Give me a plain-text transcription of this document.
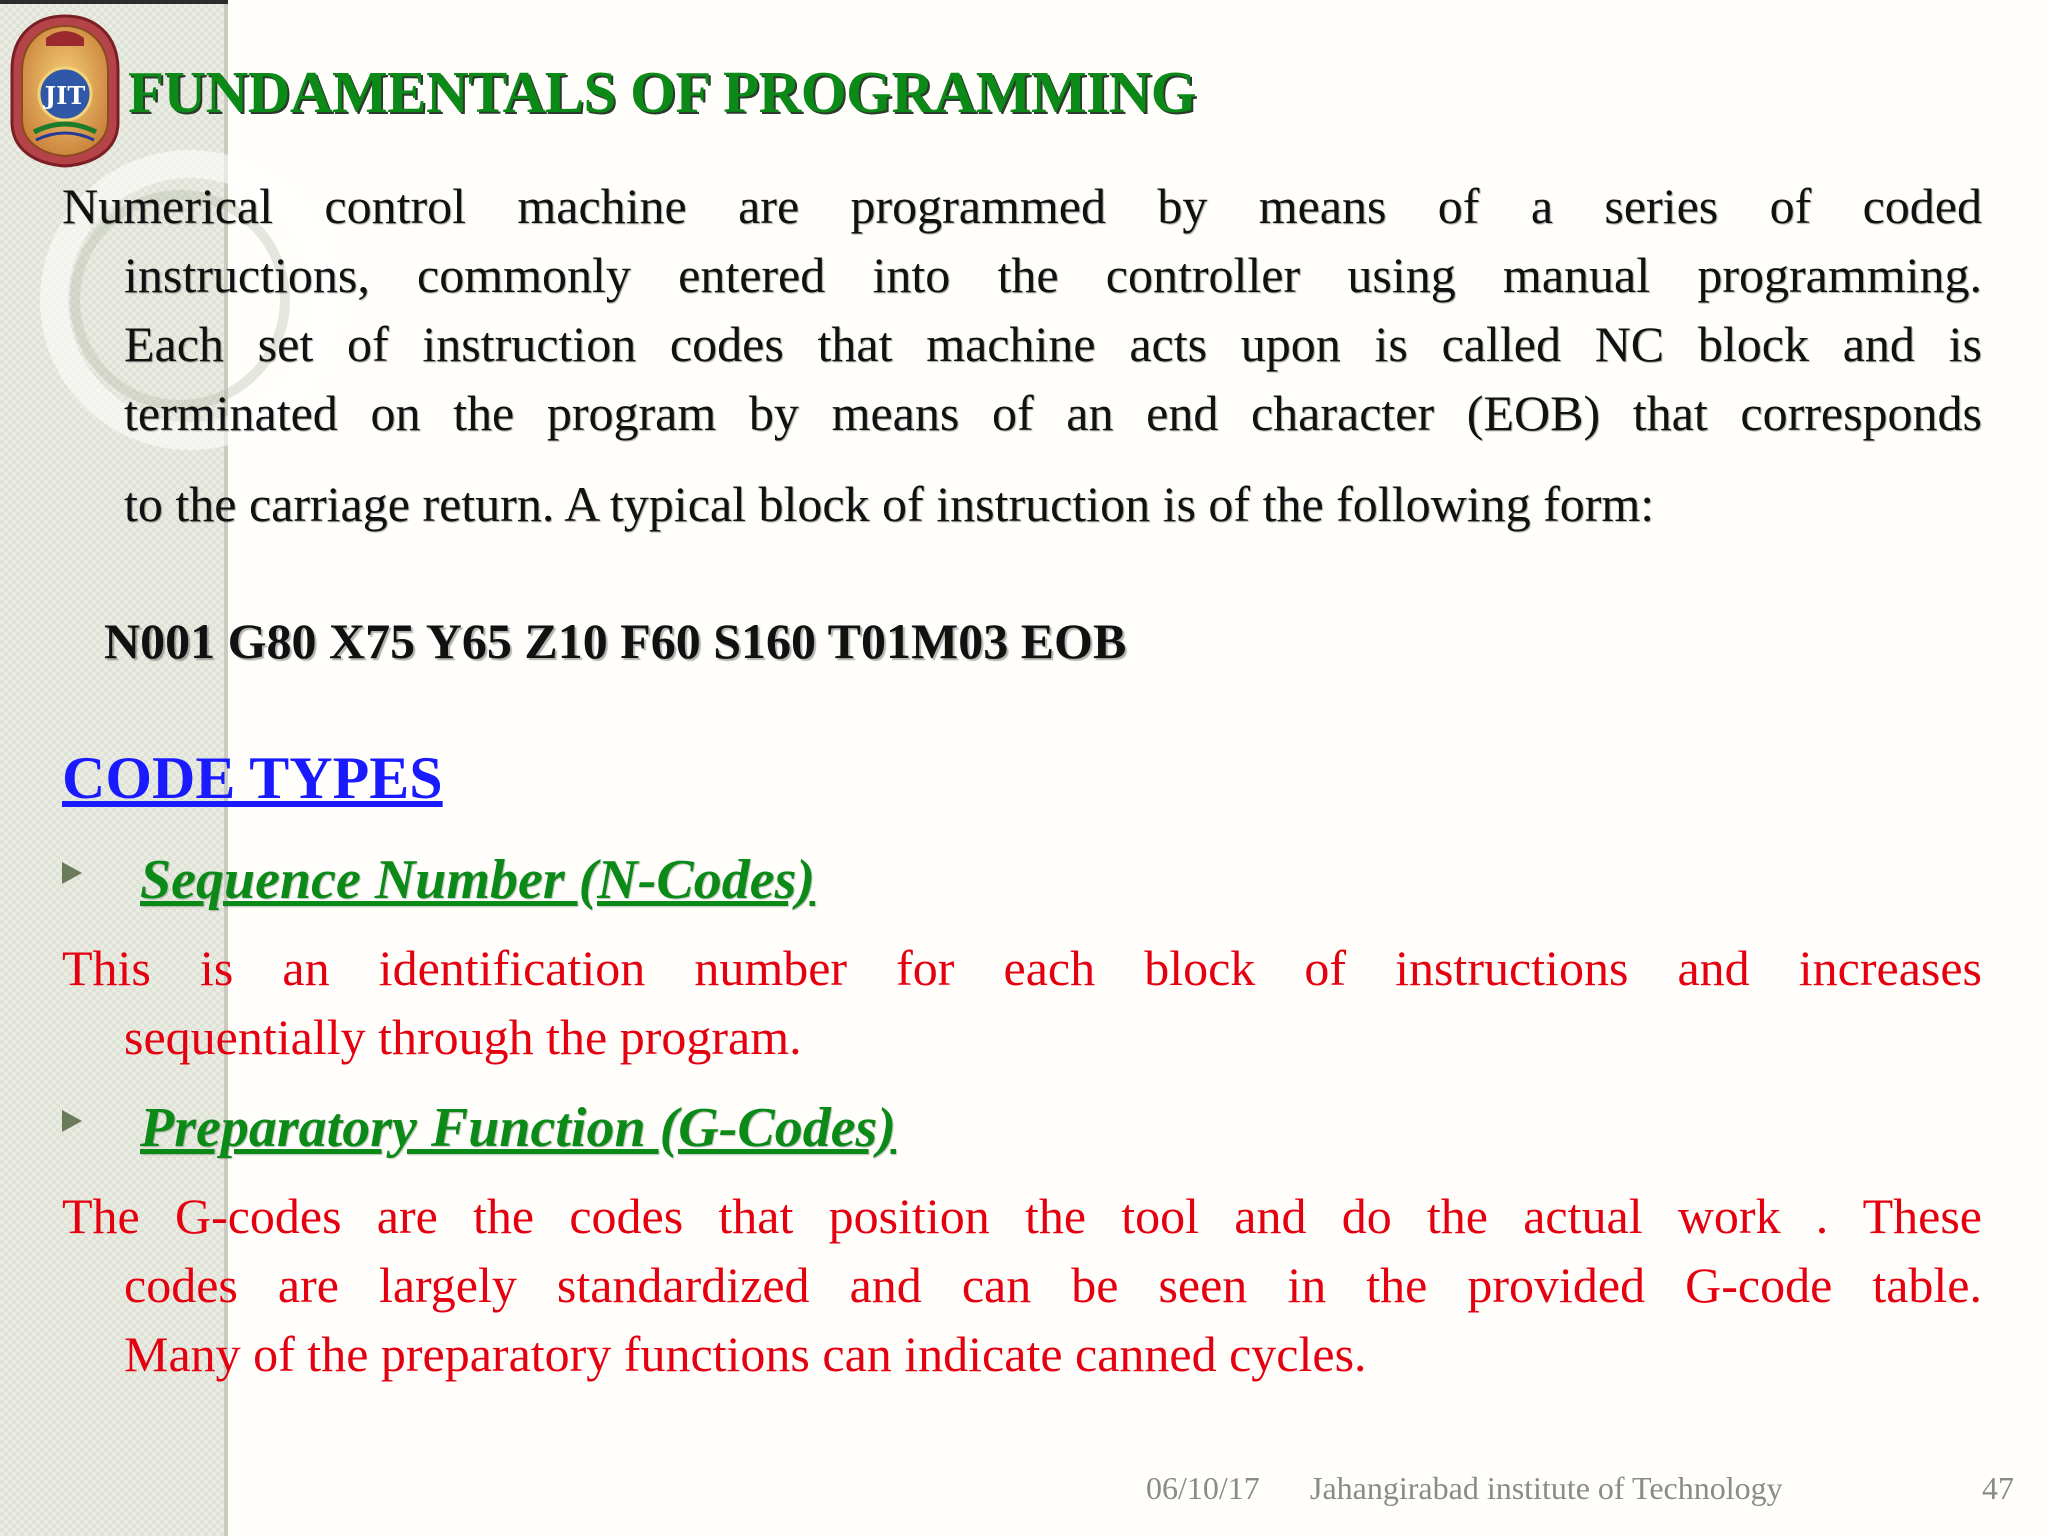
JIT FUNDAMENTALS OF PROGRAMMING
Numerical control machine are programmed by means of a series of coded
instructions, commonly entered into the controller using manual programming.
Each set of instruction codes that machine acts upon is called NC block and is
terminated on the program by means of an end character (EOB) that corresponds
to the carriage return. A typical block of instruction is of the following form:

N001 G80 X75 Y65 Z10 F60 S160 T01M03 EOB

CODE TYPES
Sequence Number (N-Codes)
This is an identification number for each block of instructions and increases
sequentially through the program.
Preparatory Function (G-Codes)
The G-codes are the codes that position the tool and do the actual work . These
codes are largely standardized and can be seen in the provided G-code table.
Many of the preparatory functions can indicate canned cycles.
06/10/17 Jahangirabad institute of Technology	47
